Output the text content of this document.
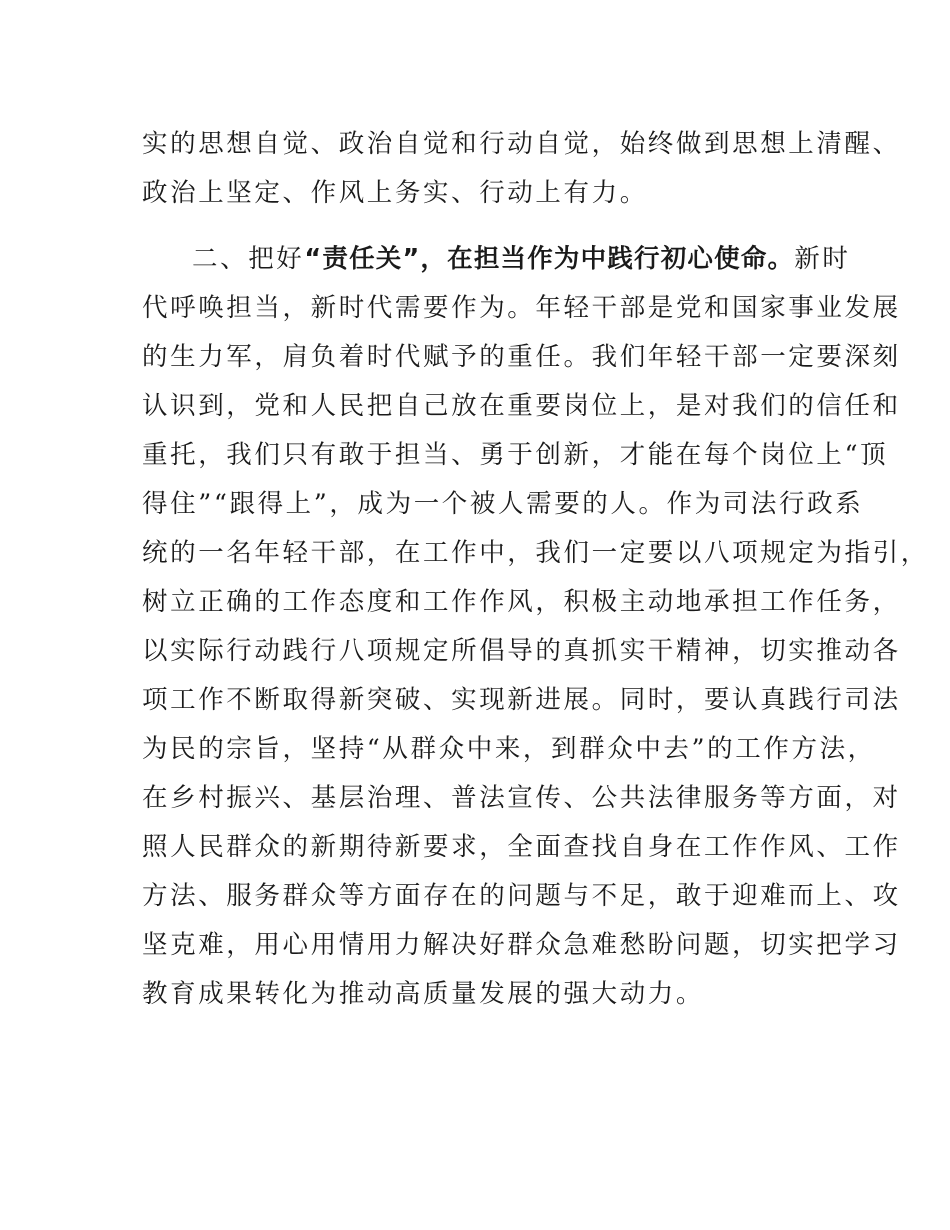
实的思想自觉、政治自觉和行动自觉，始终做到思想上清醒、

政治上坚定、作风上务实、行动上有力。

二、把好“责任关”，在担当作为中践行初心使命。新时

代呼唤担当，新时代需要作为。年轻干部是党和国家事业发展

的生力军，肩负着时代赋予的重任。我们年轻干部一定要深刻

认识到，党和人民把自己放在重要岗位上，是对我们的信任和

重托，我们只有敢于担当、勇于创新，才能在每个岗位上“顶

得住”“跟得上”，成为一个被人需要的人。作为司法行政系

统的一名年轻干部，在工作中，我们一定要以八项规定为指引，

树立正确的工作态度和工作作风，积极主动地承担工作任务，

以实际行动践行八项规定所倡导的真抓实干精神，切实推动各

项工作不断取得新突破、实现新进展。同时，要认真践行司法

为民的宗旨，坚持“从群众中来，到群众中去”的工作方法，

在乡村振兴、基层治理、普法宣传、公共法律服务等方面，对

照人民群众的新期待新要求，全面查找自身在工作作风、工作

方法、服务群众等方面存在的问题与不足，敢于迎难而上、攻

坚克难，用心用情用力解决好群众急难愁盼问题，切实把学习

教育成果转化为推动高质量发展的强大动力。
